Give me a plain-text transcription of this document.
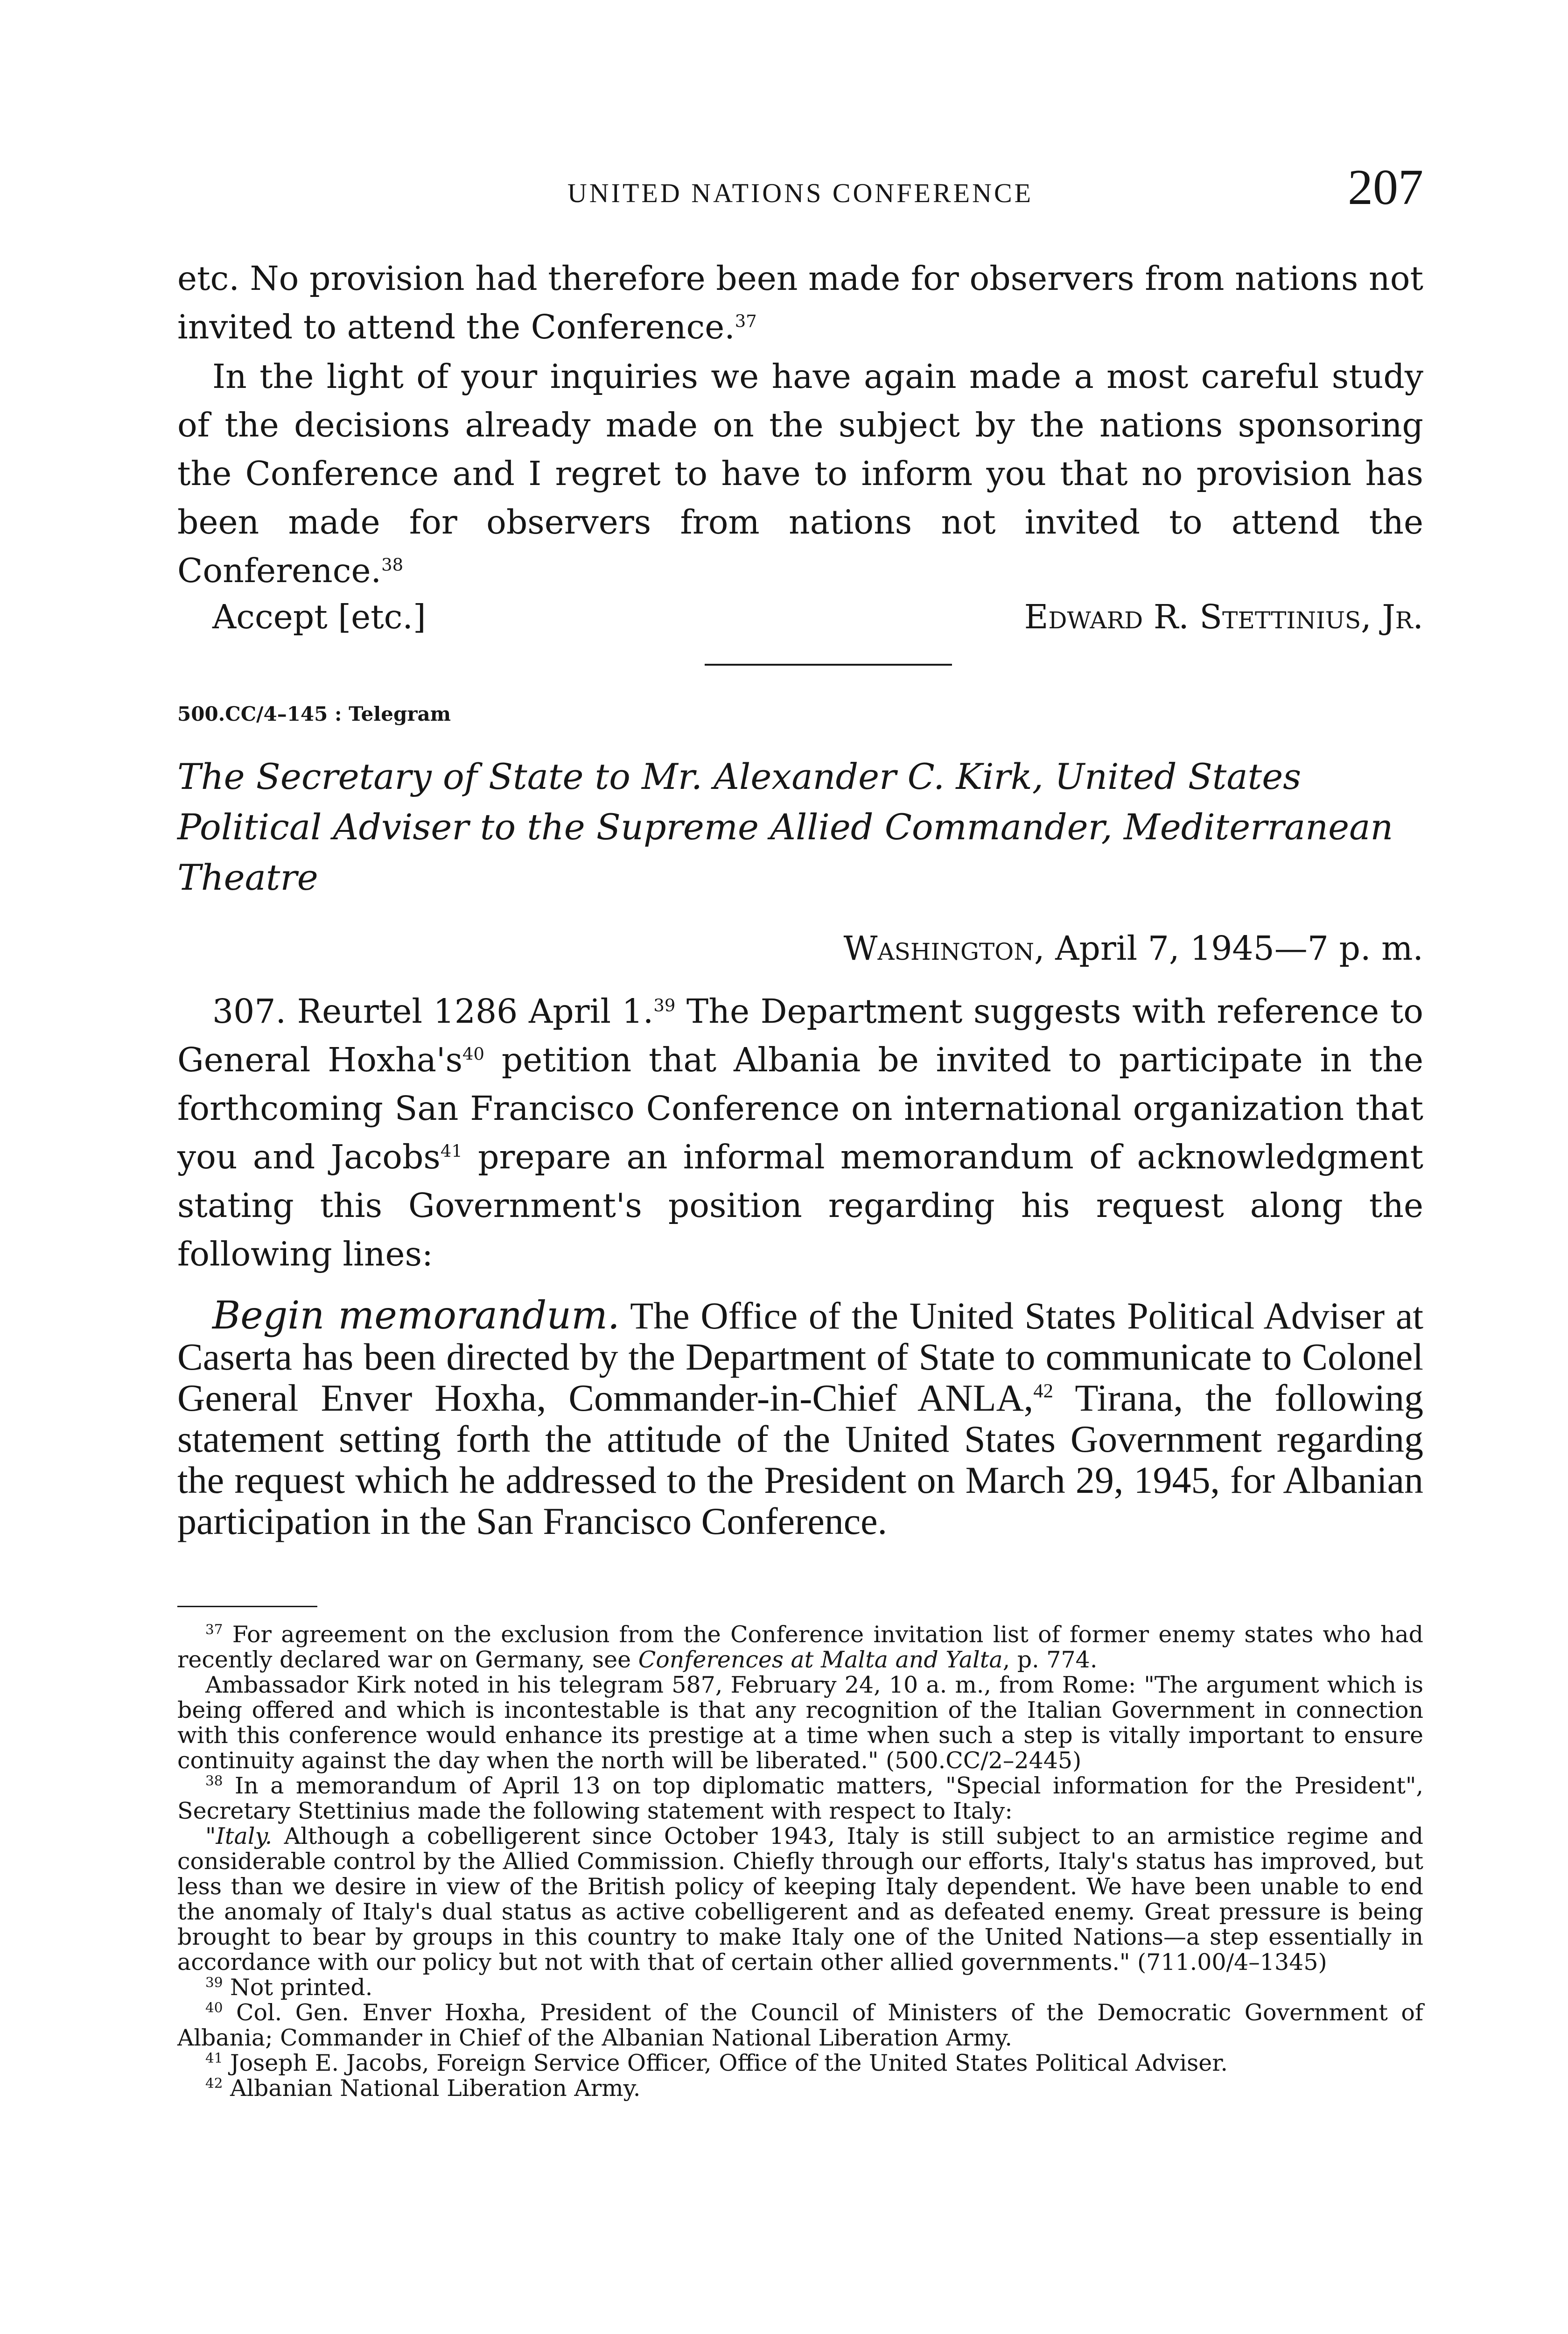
UNITED NATIONS CONFERENCE	207

etc. No provision had therefore been made for observers from nations not invited to attend the Conference.$^{37}$

In the light of your inquiries we have again made a most careful study of the decisions already made on the subject by the nations sponsoring the Conference and I regret to have to inform you that no provision has been made for observers from nations not invited to attend the Conference.$^{38}$

Accept [etc.]	Edward R. Stettinius, Jr.
500.CC/4–145 : Telegram
The Secretary of State to Mr. Alexander C. Kirk, United States Political Adviser to the Supreme Allied Commander, Mediterranean Theatre
Washington, April 7, 1945—7 p. m.

307. Reurtel 1286 April 1.39 The Department suggests with reference to General $Hoxha's^{40}$ petition that Albania be invited to participate in the forthcoming San Francisco Conference on international organization that you and Jacobs$^{41}$ prepare an informal memorandum of acknowledgment stating this Government's position regarding his request along the following lines:

Begin memorandum. The Office of the United States Political Adviser at Caserta has been directed by the Department of State to communicate to Colonel General Enver Hoxha, Commander-in-Chief ANLA,$^{42}$ Tirana, the following statement setting forth the attitude of the United States Government regarding the request which he addressed to the President on March 29, 1945, for Albanian participation in the San Francisco Conference.

$^{37}$ For agreement on the exclusion from the Conference invitation list of former enemy states who had recently declared war on Germany, see Conferences at Malta and Yalta, p. 774.

Ambassador Kirk noted in his telegram 587, February 24, 10 a. m., from Rome: "The argument which is being offered and which is incontestable is that any recognition of the Italian Government in connection with this conference would enhance its prestige at a time when such a step is vitally important to ensure continuity against the day when the north will be liberated." (500.CC/2–2445)

$^{38}$ In a memorandum of April 13 on top diplomatic matters, "Special information for the President", Secretary Stettinius made the following statement with respect to Italy:

"Italy. Although a cobelligerent since October 1943, Italy is still subject to an armistice regime and considerable control by the Allied Commission. Chiefly through our efforts, Italy's status has improved, but less than we desire in view of the British policy of keeping Italy dependent. We have been unable to end the anomaly of Italy's dual status as active cobelligerent and as defeated enemy. Great pressure is being brought to bear by groups in this country to make Italy one of the United Nations—a step essentially in accordance with our policy but not with that of certain other allied governments." (711.00/4–1345)

$^{39}$ Not printed.

$^{40}$ Col. Gen. Enver Hoxha, President of the Council of Ministers of the Democratic Government of Albania; Commander in Chief of the Albanian National Liberation Army.

$^{41}$ Joseph E. Jacobs, Foreign Service Officer, Office of the United States Political Adviser.

$^{42}$ Albanian National Liberation Army.
